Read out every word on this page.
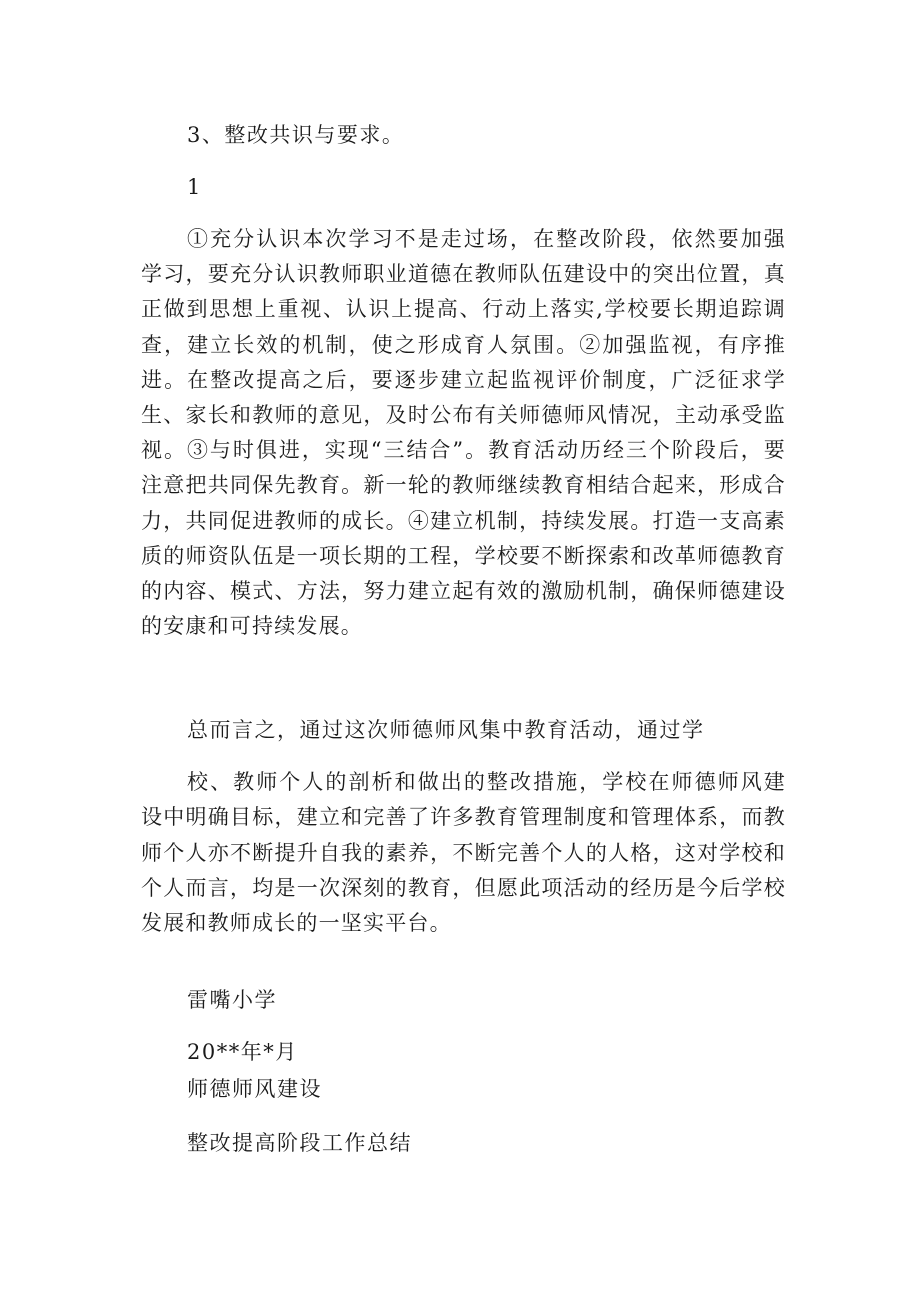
3、整改共识与要求。
1

①充分认识本次学习不是走过场，在整改阶段，依然要加强学习，要充分认识教师职业道德在教师队伍建设中的突出位置，真正做到思想上重视、认识上提高、行动上落实,学校要长期追踪调查，建立长效的机制，使之形成育人氛围。②加强监视，有序推进。在整改提高之后，要逐步建立起监视评价制度，广泛征求学生、家长和教师的意见，及时公布有关师德师风情况，主动承受监视。③与时俱进，实现“三结合”。教育活动历经三个阶段后，要注意把共同保先教育。新一轮的教师继续教育相结合起来，形成合力，共同促进教师的成长。④建立机制，持续发展。打造一支高素质的师资队伍是一项长期的工程，学校要不断探索和改革师德教育的内容、模式、方法，努力建立起有效的激励机制，确保师德建设的安康和可持续发展。

总而言之，通过这次师德师风集中教育活动，通过学

校、教师个人的剖析和做出的整改措施，学校在师德师风建设中明确目标，建立和完善了许多教育管理制度和管理体系，而教师个人亦不断提升自我的素养，不断完善个人的人格，这对学校和个人而言，均是一次深刻的教育，但愿此项活动的经历是今后学校发展和教师成长的一坚实平台。

雷嘴小学
20**年*月
师德师风建设
整改提高阶段工作总结
